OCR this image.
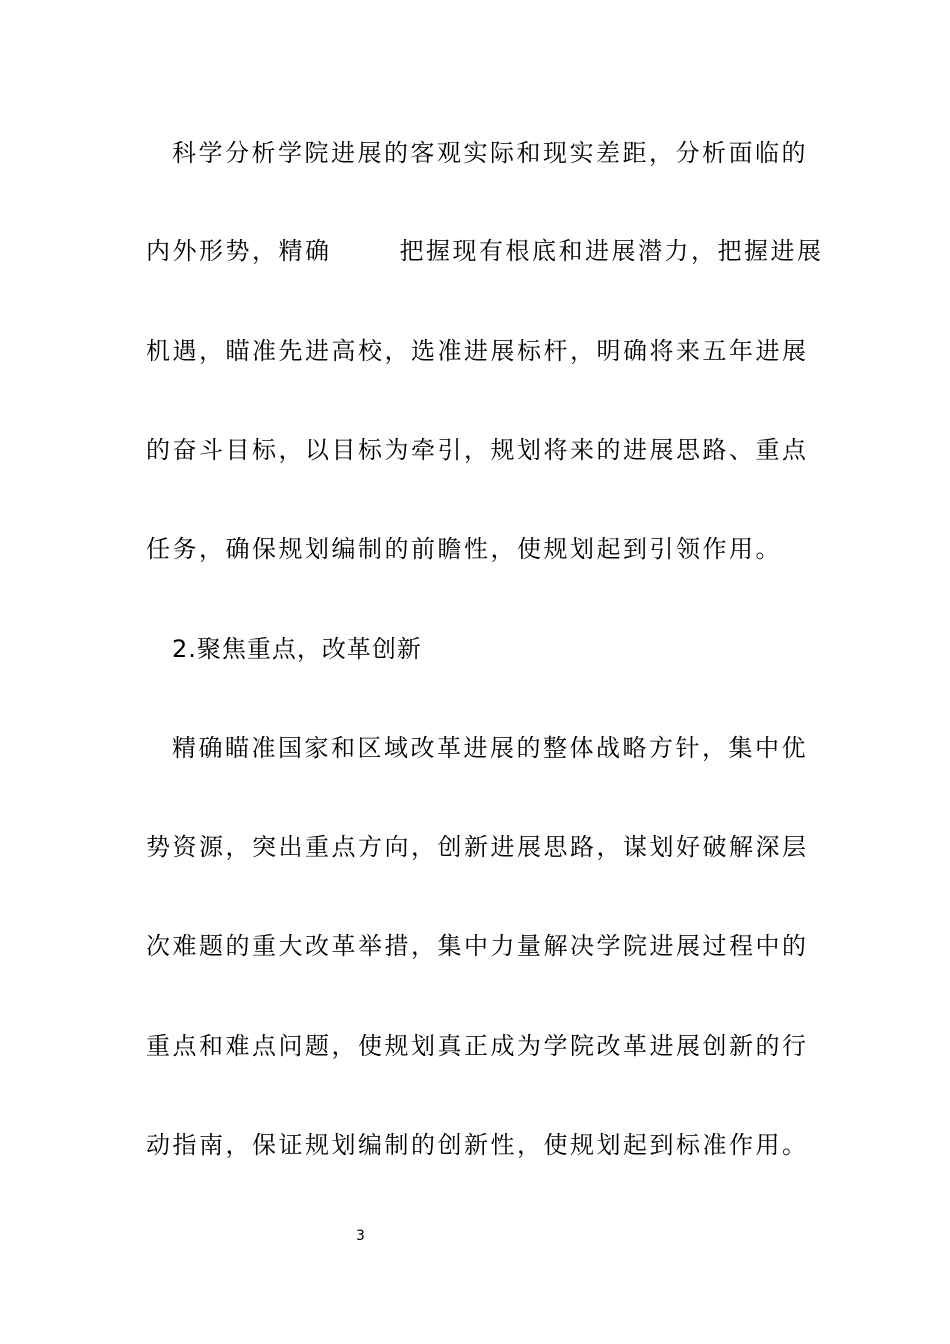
科学分析学院进展的客观实际和现实差距，分析面临的
内外形势，精确	把握现有根底和进展潜力，把握进展
机遇，瞄准先进高校，选准进展标杆，明确将来五年进展
的奋斗目标，以目标为牵引，规划将来的进展思路、重点
任务，确保规划编制的前瞻性，使规划起到引领作用。
2.聚焦重点，改革创新
精确瞄准国家和区域改革进展的整体战略方针，集中优
势资源，突出重点方向，创新进展思路，谋划好破解深层
次难题的重大改革举措，集中力量解决学院进展过程中的
重点和难点问题，使规划真正成为学院改革进展创新的行
动指南，保证规划编制的创新性，使规划起到标准作用。
3
